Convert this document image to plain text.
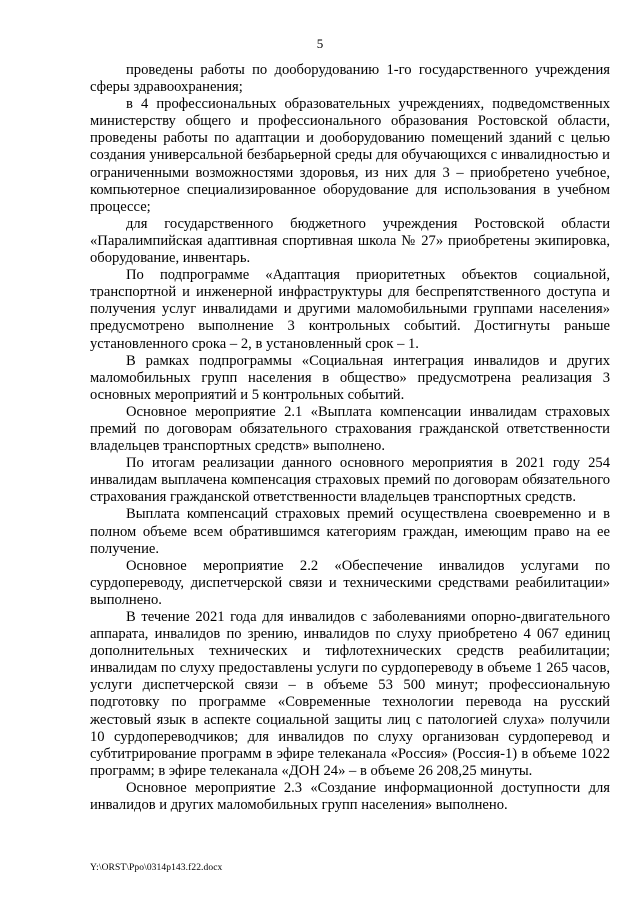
5

проведены работы по дооборудованию 1-го государственного учреждения сферы здравоохранения;

в 4 профессиональных образовательных учреждениях, подведомственных министерству общего и профессионального образования Ростовской области, проведены работы по адаптации и дооборудованию помещений зданий с целью создания универсальной безбарьерной среды для обучающихся с инвалидностью и ограниченными возможностями здоровья, из них для 3 – приобретено учебное, компьютерное специализированное оборудование для использования в учебном процессе;

для государственного бюджетного учреждения Ростовской области «Паралимпийская адаптивная спортивная школа № 27» приобретены экипировка, оборудование, инвентарь.

По подпрограмме «Адаптация приоритетных объектов социальной, транспортной и инженерной инфраструктуры для беспрепятственного доступа и получения услуг инвалидами и другими маломобильными группами населения» предусмотрено выполнение 3 контрольных событий. Достигнуты раньше установленного срока – 2, в установленный срок – 1.

В рамках подпрограммы «Социальная интеграция инвалидов и других маломобильных групп населения в общество» предусмотрена реализация 3 основных мероприятий и 5 контрольных событий.

Основное мероприятие 2.1 «Выплата компенсации инвалидам страховых премий по договорам обязательного страхования гражданской ответственности владельцев транспортных средств» выполнено.

По итогам реализации данного основного мероприятия в 2021 году 254 инвалидам выплачена компенсация страховых премий по договорам обязательного страхования гражданской ответственности владельцев транспортных средств.

Выплата компенсаций страховых премий осуществлена своевременно и в полном объеме всем обратившимся категориям граждан, имеющим право на ее получение.

Основное мероприятие 2.2 «Обеспечение инвалидов услугами по сурдопереводу, диспетчерской связи и техническими средствами реабилитации» выполнено.

В течение 2021 года для инвалидов с заболеваниями опорно-двигательного аппарата, инвалидов по зрению, инвалидов по слуху приобретено 4 067 единиц дополнительных технических и тифлотехнических средств реабилитации; инвалидам по слуху предоставлены услуги по сурдопереводу в объеме 1 265 часов, услуги диспетчерской связи – в объеме 53 500 минут; профессиональную подготовку по программе «Современные технологии перевода на русский жестовый язык в аспекте социальной защиты лиц с патологией слуха» получили 10 сурдопереводчиков; для инвалидов по слуху организован сурдоперевод и субтитрирование программ в эфире телеканала «Россия» (Россия-1) в объеме 1022 программ; в эфире телеканала «ДОН 24» – в объеме 26 208,25 минуты.

Основное мероприятие 2.3 «Создание информационной доступности для инвалидов и других маломобильных групп населения» выполнено.

Y:\ORST\Ppo\0314p143.f22.docx
